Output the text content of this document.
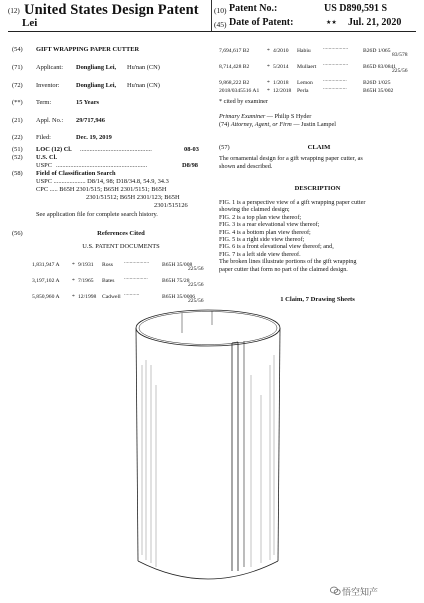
(12) United States Design Patent
Lei
(10) Patent No.:	US D890,591 S
(45) Date of Patent:	★★ Jul. 21, 2020
(54) GIFT WRAPPING PAPER CUTTER
(71) Applicant: Dongliang Lei, Hu'nan (CN)
(72) Inventor:	Dongliang Lei, Hu'nan (CN)
(**) Term:	15 Years
(21) Appl. No.: 29/717,946
(22) Filed:	Dec. 19, 2019
(51) LOC (12) Cl. .............................................	08-03
(52) U.S. Cl.
USPC .........................................................	D8/98
(58) Field of Classification Search
USPC .................... D8/14, 98; D18/34.8, 54.9, 34.3
CPC ..... B65H 2301/515; B65H 2301/5151; B65H
2301/51512; B65H 2301/123; B65H
2301/515126
See application file for complete search history.
(56)	References Cited
U.S. PATENT DOCUMENTS
1,831,947 A * 9/1931 Ross .................. B65H 35/008
225/56
3,197,102 A * 7/1965 Bates .................	B65H 75/28
225/56
5,850,960 A * 12/1998 Cadwell ...........	B65H 35/0006
225/56
7,694,617 B2	* 4/2010 Habiu ..................	B26D 1/065
83/578
8,714,428 B2	* 5/2014 Mullaert ..................	B65D 83/0841
225/56
9,868,222 B2	* 1/2018 Lemon .................	B26D 1/025
2018/0345516 A1 * 12/2018 Perla	.................	B65H 35/002
* cited by examiner
Primary Examiner — Philip S Hyder
(74) Attorney, Agent, or Firm — Justin Lampel
(57)	CLAIM
The ornamental design for a gift wrapping paper cutter, as
shown and described.
DESCRIPTION
FIG. 1 is a perspective view of a gift wrapping paper cutter
showing the claimed design;
FIG. 2 is a top plan view thereof;
FIG. 3 is a rear elevational view thereof;
FIG. 4 is a bottom plan view thereof;
FIG. 5 is a right side view thereof;
FIG. 6 is a front elevational view thereof; and,
FIG. 7 is a left side view thereof.
The broken lines illustrate portions of the gift wrapping
paper cutter that form no part of the claimed design.
1 Claim, 7 Drawing Sheets
悟空知产
